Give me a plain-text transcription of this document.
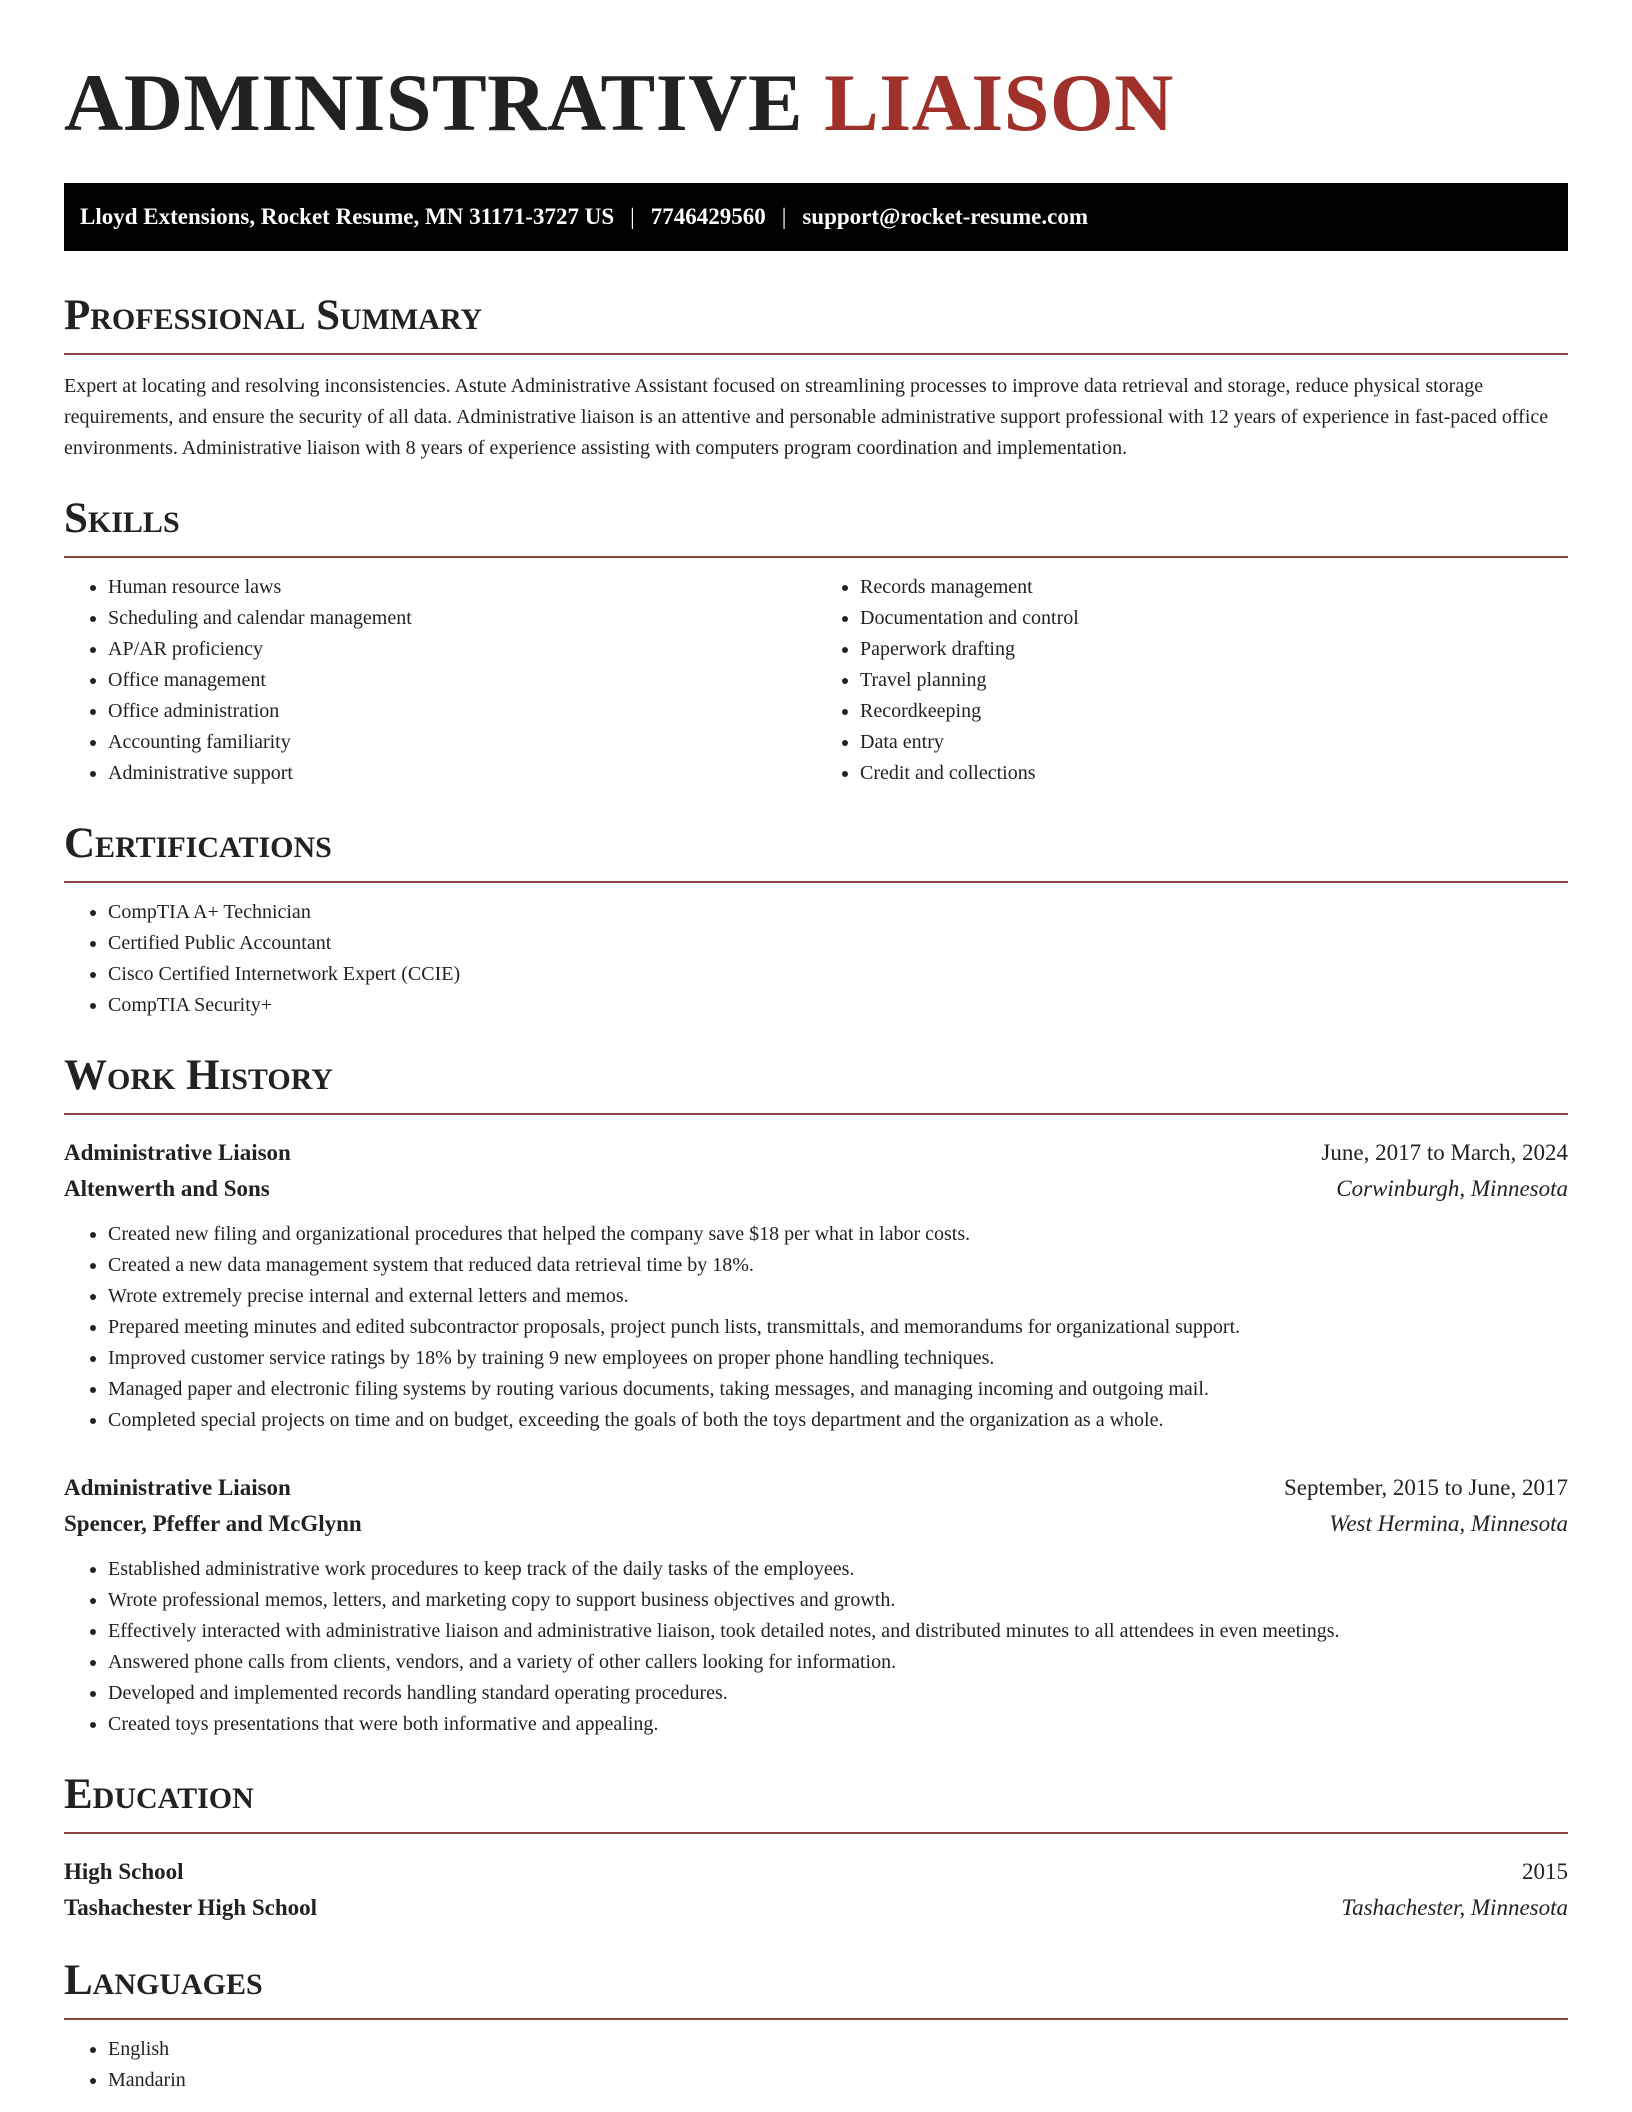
ADMINISTRATIVE LIAISON
Lloyd Extensions, Rocket Resume, MN 31171-3727 US | 7746429560 | support@rocket-resume.com
Professional Summary

Expert at locating and resolving inconsistencies. Astute Administrative Assistant focused on streamlining processes to improve data retrieval and storage, reduce physical storage requirements, and ensure the security of all data. Administrative liaison is an attentive and personable administrative support professional with 12 years of experience in fast-paced office environments. Administrative liaison with 8 years of experience assisting with computers program coordination and implementation.

Skills
• Human resource laws
• Scheduling and calendar management
• AP/AR proficiency
• Office management
• Office administration
• Accounting familiarity
• Administrative support
• Records management
• Documentation and control
• Paperwork drafting
• Travel planning
• Recordkeeping
• Data entry
• Credit and collections
Certifications
• CompTIA A+ Technician
• Certified Public Accountant
• Cisco Certified Internetwork Expert (CCIE)
• CompTIA Security+
Work History
Administrative Liaison	June, 2017 to March, 2024
Altenwerth and Sons	Corwinburgh, Minnesota
• Created new filing and organizational procedures that helped the company save $18 per what in labor costs.
• Created a new data management system that reduced data retrieval time by 18%.
• Wrote extremely precise internal and external letters and memos.
• Prepared meeting minutes and edited subcontractor proposals, project punch lists, transmittals, and memorandums for organizational support.
• Improved customer service ratings by 18% by training 9 new employees on proper phone handling techniques.
• Managed paper and electronic filing systems by routing various documents, taking messages, and managing incoming and outgoing mail.
• Completed special projects on time and on budget, exceeding the goals of both the toys department and the organization as a whole.
Administrative Liaison	September, 2015 to June, 2017
Spencer, Pfeffer and McGlynn	West Hermina, Minnesota
• Established administrative work procedures to keep track of the daily tasks of the employees.
• Wrote professional memos, letters, and marketing copy to support business objectives and growth.
• Effectively interacted with administrative liaison and administrative liaison, took detailed notes, and distributed minutes to all attendees in even meetings.
• Answered phone calls from clients, vendors, and a variety of other callers looking for information.
• Developed and implemented records handling standard operating procedures.
• Created toys presentations that were both informative and appealing.
Education
High School	2015
Tashachester High School	Tashachester, Minnesota
Languages
• English
• Mandarin
